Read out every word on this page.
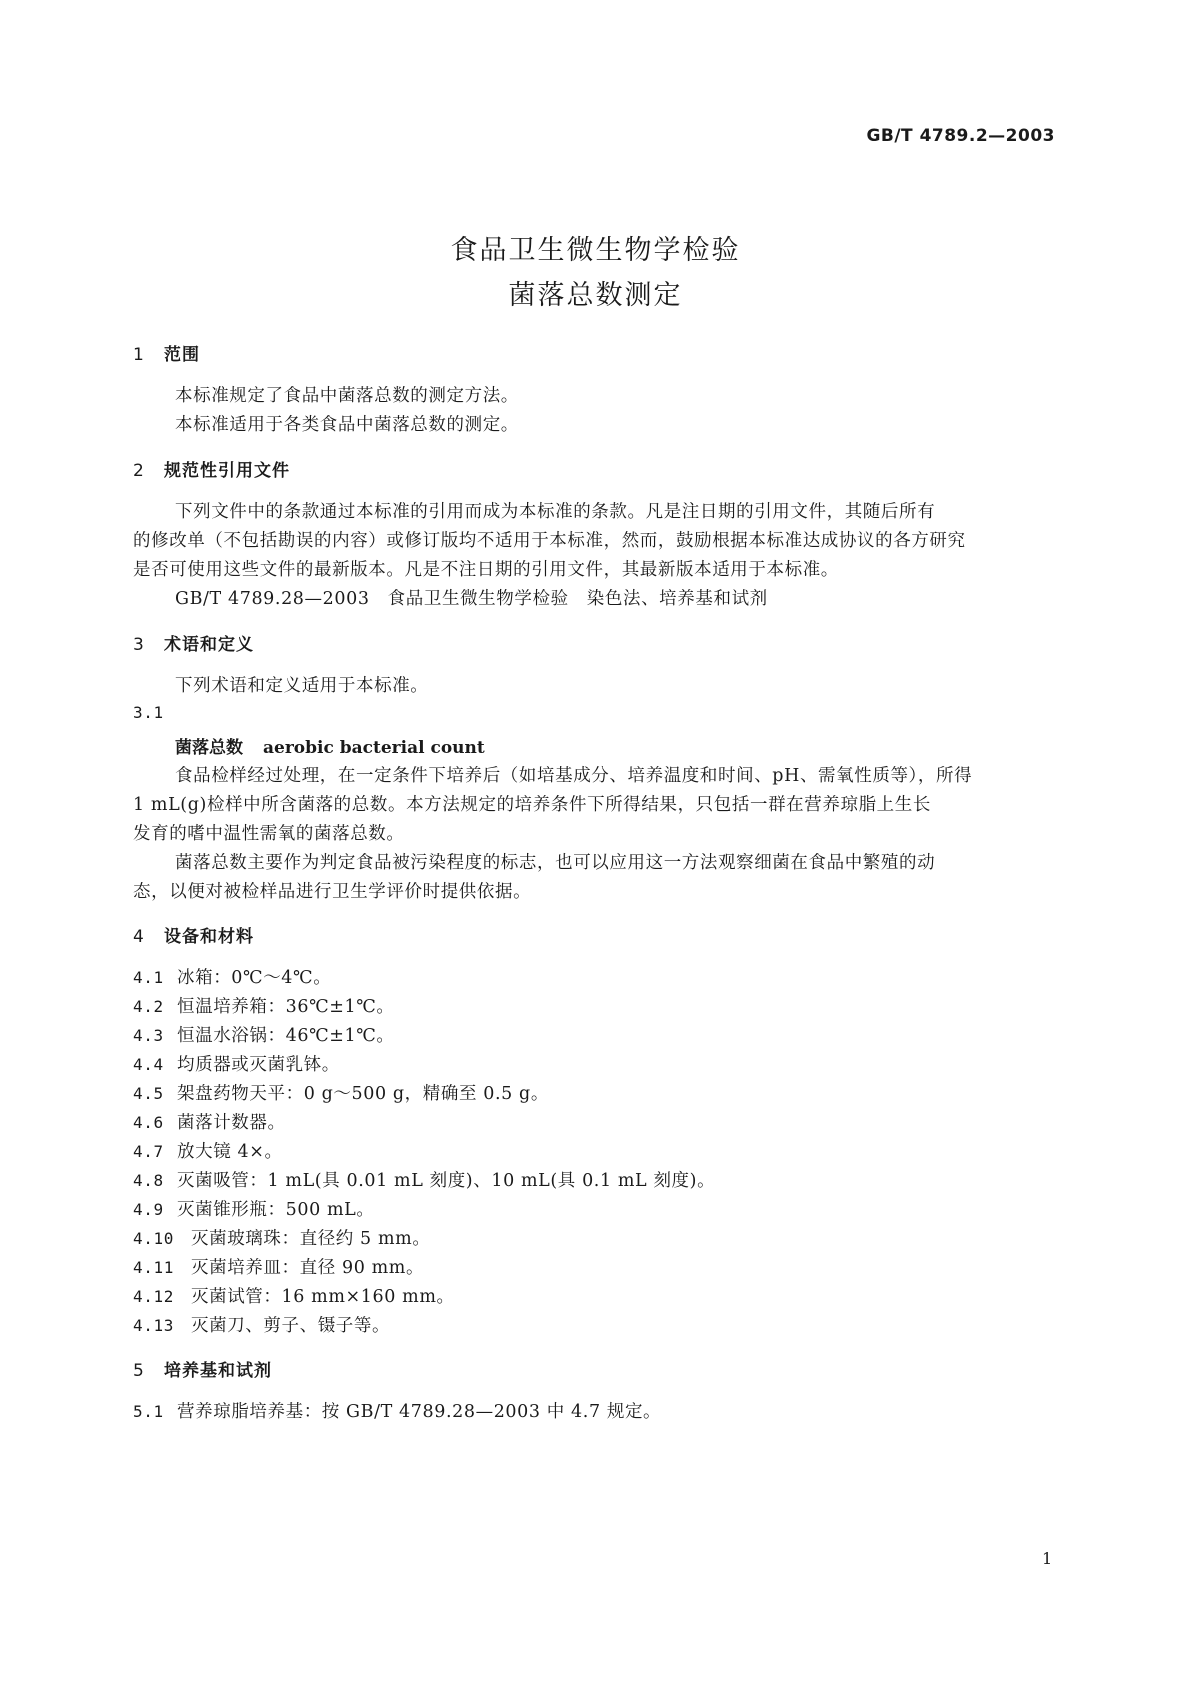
GB/T 4789.2—2003
食品卫生微生物学检验
菌落总数测定
1 范围
本标准规定了食品中菌落总数的测定方法。
本标准适用于各类食品中菌落总数的测定。
2 规范性引用文件
下列文件中的条款通过本标准的引用而成为本标准的条款。凡是注日期的引用文件，其随后所有
的修改单（不包括勘误的内容）或修订版均不适用于本标准，然而，鼓励根据本标准达成协议的各方研究
是否可使用这些文件的最新版本。凡是不注日期的引用文件，其最新版本适用于本标准。
GB/T 4789.28—2003　食品卫生微生物学检验　染色法、培养基和试剂
3 术语和定义
下列术语和定义适用于本标准。
3.1
菌落总数 aerobic bacterial count
食品检样经过处理，在一定条件下培养后（如培基成分、培养温度和时间、pH、需氧性质等），所得
1 mL(g)检样中所含菌落的总数。本方法规定的培养条件下所得结果，只包括一群在营养琼脂上生长
发育的嗜中温性需氧的菌落总数。
菌落总数主要作为判定食品被污染程度的标志，也可以应用这一方法观察细菌在食品中繁殖的动
态，以便对被检样品进行卫生学评价时提供依据。
4 设备和材料
4.1 冰箱：0℃～4℃。
4.2 恒温培养箱：36℃±1℃。
4.3 恒温水浴锅：46℃±1℃。
4.4 均质器或灭菌乳钵。
4.5 架盘药物天平：0 g～500 g，精确至 0.5 g。
4.6 菌落计数器。
4.7 放大镜 4×。
4.8 灭菌吸管：1 mL(具 0.01 mL 刻度)、10 mL(具 0.1 mL 刻度)。
4.9 灭菌锥形瓶：500 mL。
4.10 灭菌玻璃珠：直径约 5 mm。
4.11 灭菌培养皿：直径 90 mm。
4.12 灭菌试管：16 mm×160 mm。
4.13 灭菌刀、剪子、镊子等。
5 培养基和试剂
5.1 营养琼脂培养基：按 GB/T 4789.28—2003 中 4.7 规定。
1
